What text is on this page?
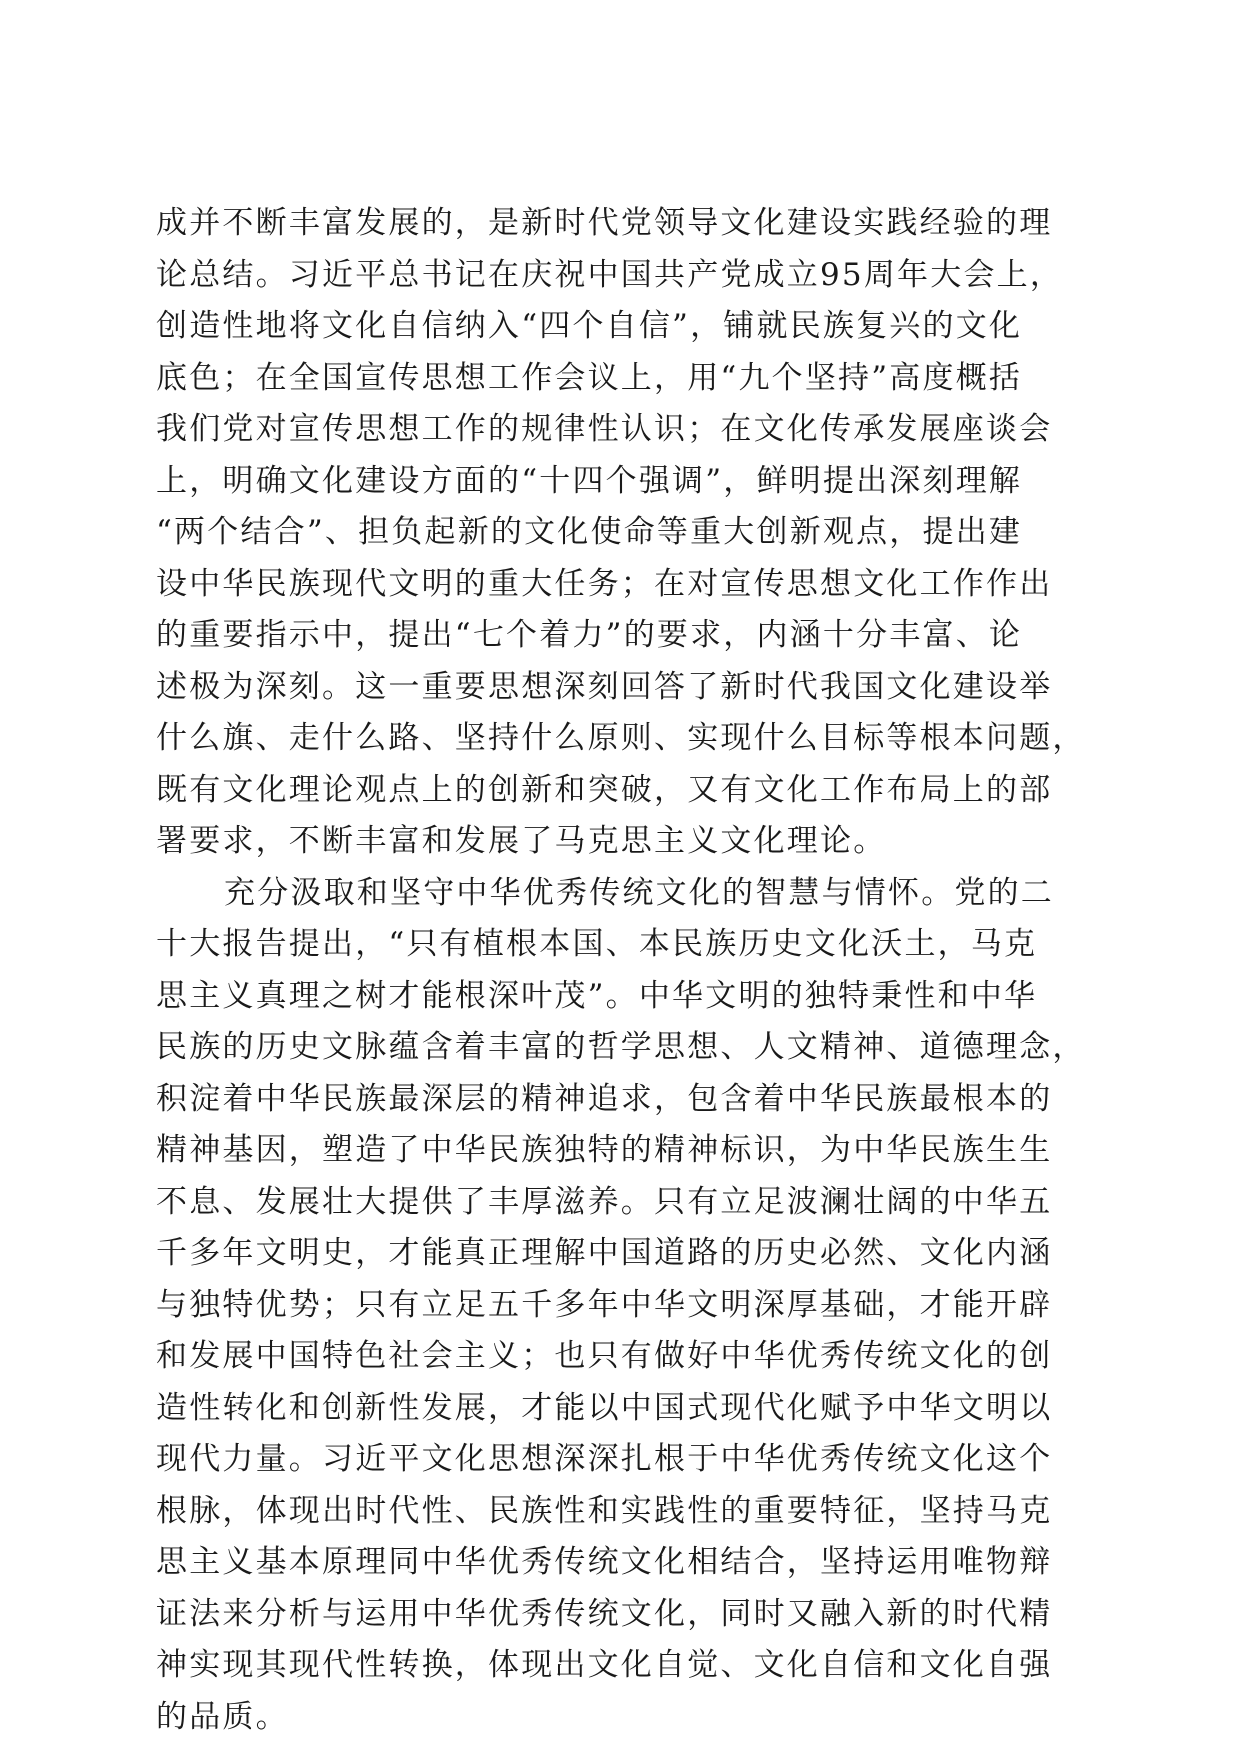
成并不断丰富发展的，是新时代党领导文化建设实践经验的理
论总结。习近平总书记在庆祝中国共产党成立95周年大会上，
创造性地将文化自信纳入“四个自信”，铺就民族复兴的文化
底色；在全国宣传思想工作会议上，用“九个坚持”高度概括
我们党对宣传思想工作的规律性认识；在文化传承发展座谈会
上，明确文化建设方面的“十四个强调”，鲜明提出深刻理解
“两个结合”、担负起新的文化使命等重大创新观点，提出建
设中华民族现代文明的重大任务；在对宣传思想文化工作作出
的重要指示中，提出“七个着力”的要求，内涵十分丰富、论
述极为深刻。这一重要思想深刻回答了新时代我国文化建设举
什么旗、走什么路、坚持什么原则、实现什么目标等根本问题，
既有文化理论观点上的创新和突破，又有文化工作布局上的部
署要求，不断丰富和发展了马克思主义文化理论。
充分汲取和坚守中华优秀传统文化的智慧与情怀。党的二
十大报告提出，“只有植根本国、本民族历史文化沃土，马克
思主义真理之树才能根深叶茂”。中华文明的独特秉性和中华
民族的历史文脉蕴含着丰富的哲学思想、人文精神、道德理念，
积淀着中华民族最深层的精神追求，包含着中华民族最根本的
精神基因，塑造了中华民族独特的精神标识，为中华民族生生
不息、发展壮大提供了丰厚滋养。只有立足波澜壮阔的中华五
千多年文明史，才能真正理解中国道路的历史必然、文化内涵
与独特优势；只有立足五千多年中华文明深厚基础，才能开辟
和发展中国特色社会主义；也只有做好中华优秀传统文化的创
造性转化和创新性发展，才能以中国式现代化赋予中华文明以
现代力量。习近平文化思想深深扎根于中华优秀传统文化这个
根脉，体现出时代性、民族性和实践性的重要特征，坚持马克
思主义基本原理同中华优秀传统文化相结合，坚持运用唯物辩
证法来分析与运用中华优秀传统文化，同时又融入新的时代精
神实现其现代性转换，体现出文化自觉、文化自信和文化自强
的品质。
